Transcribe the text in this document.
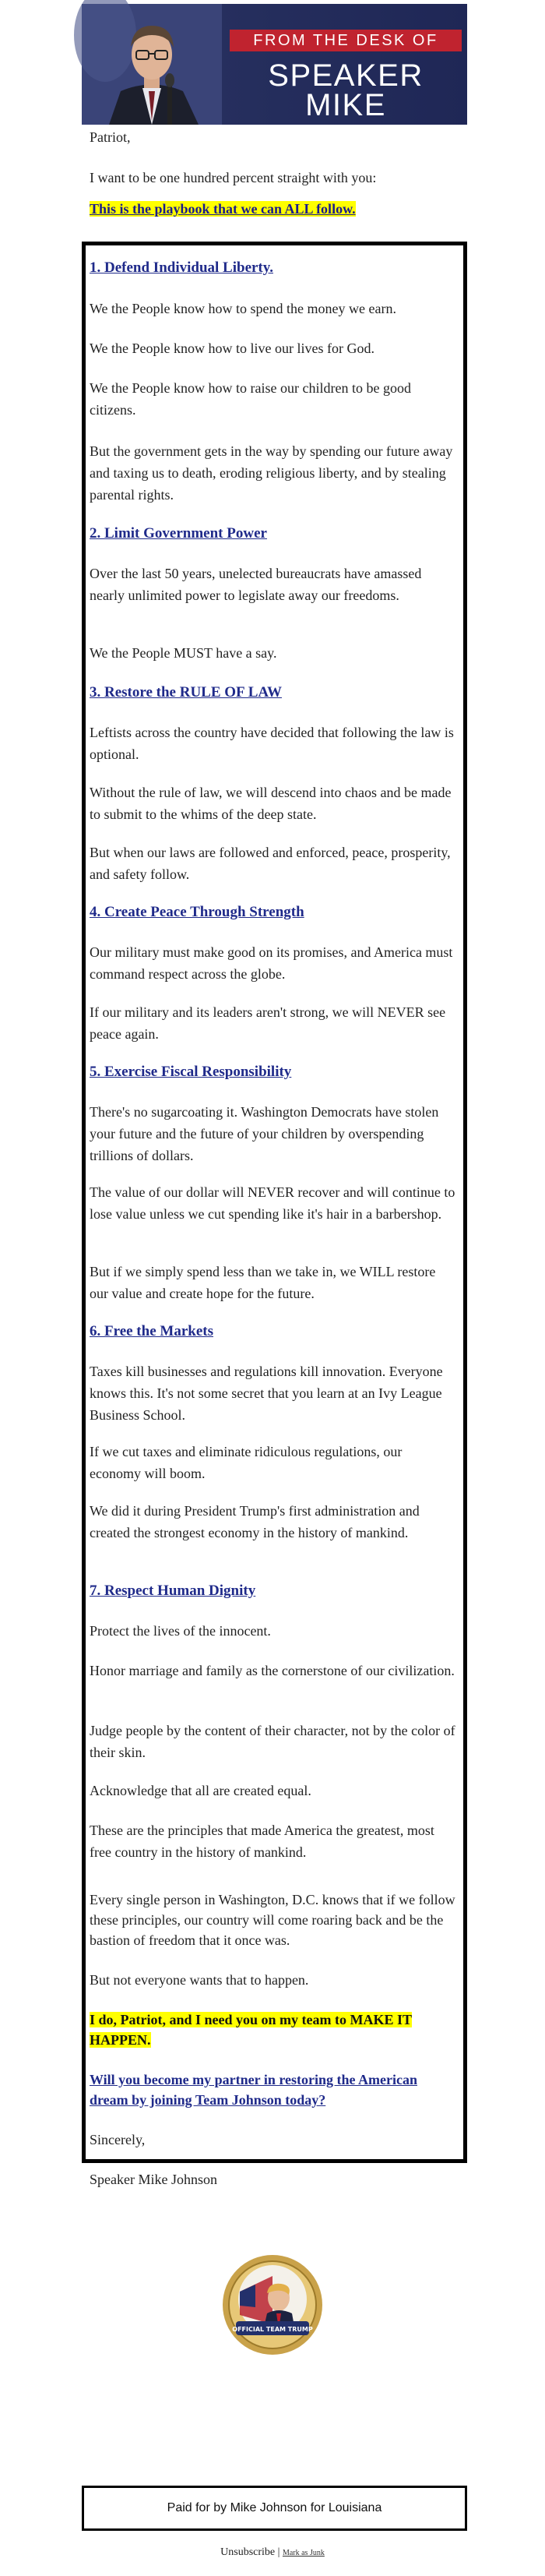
FROM THE DESK OF
SPEAKER
MIKE JOHNSON

Patriot,

I want to be one hundred percent straight with you:

This is the playbook that we can ALL follow.

1. Defend Individual Liberty.

We the People know how to spend the money we earn.

We the People know how to live our lives for God.

We the People know how to raise our children to be good citizens.

But the government gets in the way by spending our future away and taxing us to death, eroding religious liberty, and by stealing parental rights.

2. Limit Government Power

Over the last 50 years, unelected bureaucrats have amassed nearly unlimited power to legislate away our freedoms.

We the People MUST have a say.

3. Restore the RULE OF LAW

Leftists across the country have decided that following the law is optional.

Without the rule of law, we will descend into chaos and be made to submit to the whims of the deep state.

But when our laws are followed and enforced, peace, prosperity, and safety follow.

4. Create Peace Through Strength

Our military must make good on its promises, and America must command respect across the globe.

If our military and its leaders aren't strong, we will NEVER see peace again.

5. Exercise Fiscal Responsibility

There's no sugarcoating it. Washington Democrats have stolen your future and the future of your children by overspending trillions of dollars.

The value of our dollar will NEVER recover and will continue to lose value unless we cut spending like it's hair in a barbershop.

But if we simply spend less than we take in, we WILL restore our value and create hope for the future.

6. Free the Markets

Taxes kill businesses and regulations kill innovation. Everyone knows this. It's not some secret that you learn at an Ivy League Business School.

If we cut taxes and eliminate ridiculous regulations, our economy will boom.

We did it during President Trump's first administration and created the strongest economy in the history of mankind.

7. Respect Human Dignity

Protect the lives of the innocent.

Honor marriage and family as the cornerstone of our civilization.

Judge people by the content of their character, not by the color of their skin.

Acknowledge that all are created equal.

These are the principles that made America the greatest, most free country in the history of mankind.

Every single person in Washington, D.C. knows that if we follow these principles, our country will come roaring back and be the bastion of freedom that it once was.

But not everyone wants that to happen.

I do, Patriot, and I need you on my team to MAKE IT HAPPEN.

Will you become my partner in restoring the American dream by joining Team Johnson today?

Sincerely,

Speaker Mike Johnson

OFFICIAL TEAM TRUMP
Paid for by Mike Johnson for Louisiana
Unsubscribe | Mark as Junk
